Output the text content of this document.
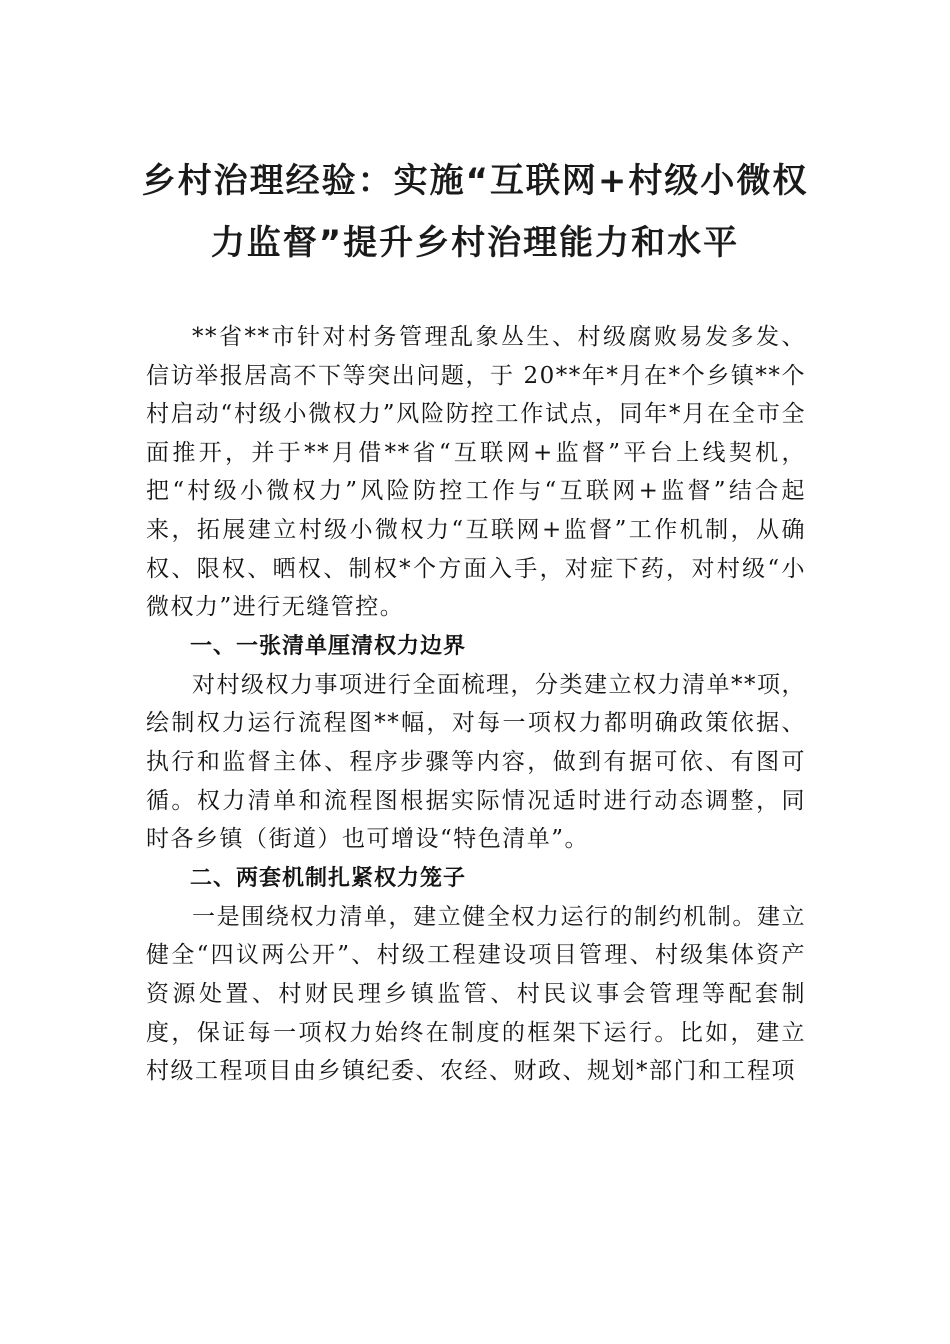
乡村治理经验：实施“互联网+村级小微权
力监督”提升乡村治理能力和水平

**省**市针对村务管理乱象丛生、村级腐败易发多发、信访举报居高不下等突出问题，于 20**年*月在*个乡镇**个村启动“村级小微权力”风险防控工作试点，同年*月在全市全面推开，并于**月借**省“互联网+监督”平台上线契机，把“村级小微权力”风险防控工作与“互联网+监督”结合起来，拓展建立村级小微权力“互联网+监督”工作机制，从确权、限权、晒权、制权*个方面入手，对症下药，对村级“小微权力”进行无缝管控。

一、一张清单厘清权力边界

对村级权力事项进行全面梳理，分类建立权力清单**项，绘制权力运行流程图**幅，对每一项权力都明确政策依据、执行和监督主体、程序步骤等内容，做到有据可依、有图可循。权力清单和流程图根据实际情况适时进行动态调整，同时各乡镇（街道）也可增设“特色清单”。

二、两套机制扎紧权力笼子

一是围绕权力清单，建立健全权力运行的制约机制。建立健全“四议两公开”、村级工程建设项目管理、村级集体资产资源处置、村财民理乡镇监管、村民议事会管理等配套制度，保证每一项权力始终在制度的框架下运行。比如，建立村级工程项目由乡镇纪委、农经、财政、规划*部门和工程项
